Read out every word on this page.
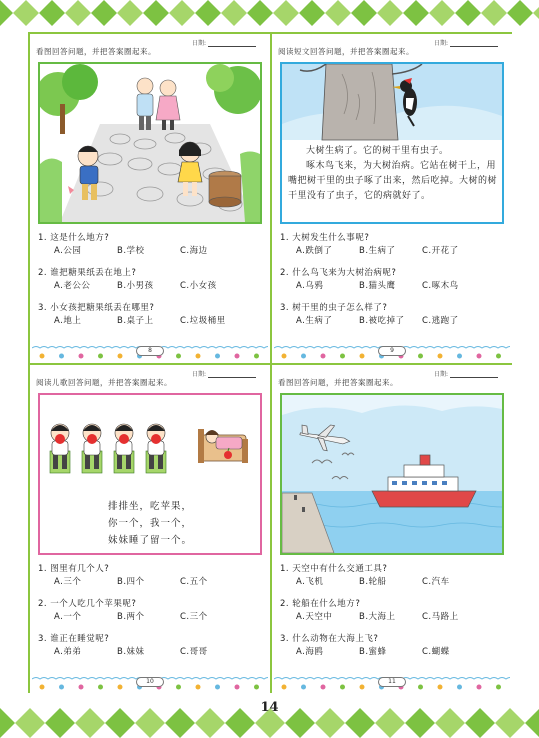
日期:
看图回答问题，并把答案圈起来。
1. 这是什么地方?
A.公园	B.学校	C.海边
2. 谁把糖果纸丢在地上?
A.老公公	B.小男孩	C.小女孩
3. 小女孩把糖果纸丢在哪里?
A.地上	B.桌子上	C.垃圾桶里
8
日期:
阅读短文回答问题，并把答案圈起来。

大树生病了。它的树干里有虫子。

啄木鸟飞来，为大树治病。它站在树干上，用嘴把树干里的虫子啄了出来，然后吃掉。大树的树干里没有了虫子，它的病就好了。

1. 大树发生什么事呢?
A.跌倒了	B.生病了	C.开花了
2. 什么鸟飞来为大树治病呢?
A.乌鸦	B.猫头鹰	C.啄木鸟
3. 树干里的虫子怎么样了?
A.生病了	B.被吃掉了	C.逃跑了
9
日期:
阅读儿歌回答问题，并把答案圈起来。
排排坐，吃苹果，
你一个，我一个，
妹妹睡了留一个。
1. 图里有几个人?
A.三个	B.四个	C.五个
2. 一个人吃几个苹果呢?
A.一个	B.两个	C.三个
3. 谁正在睡觉呢?
A.弟弟	B.妹妹	C.哥哥
10
日期:
看图回答问题，并把答案圈起来。
1. 天空中有什么交通工具?
A.飞机	B.轮船	C.汽车
2. 轮船在什么地方?
A.天空中	B.大海上	C.马路上
3. 什么动物在大海上飞?
A.海鸥	B.蜜蜂	C.蝴蝶
11
14
